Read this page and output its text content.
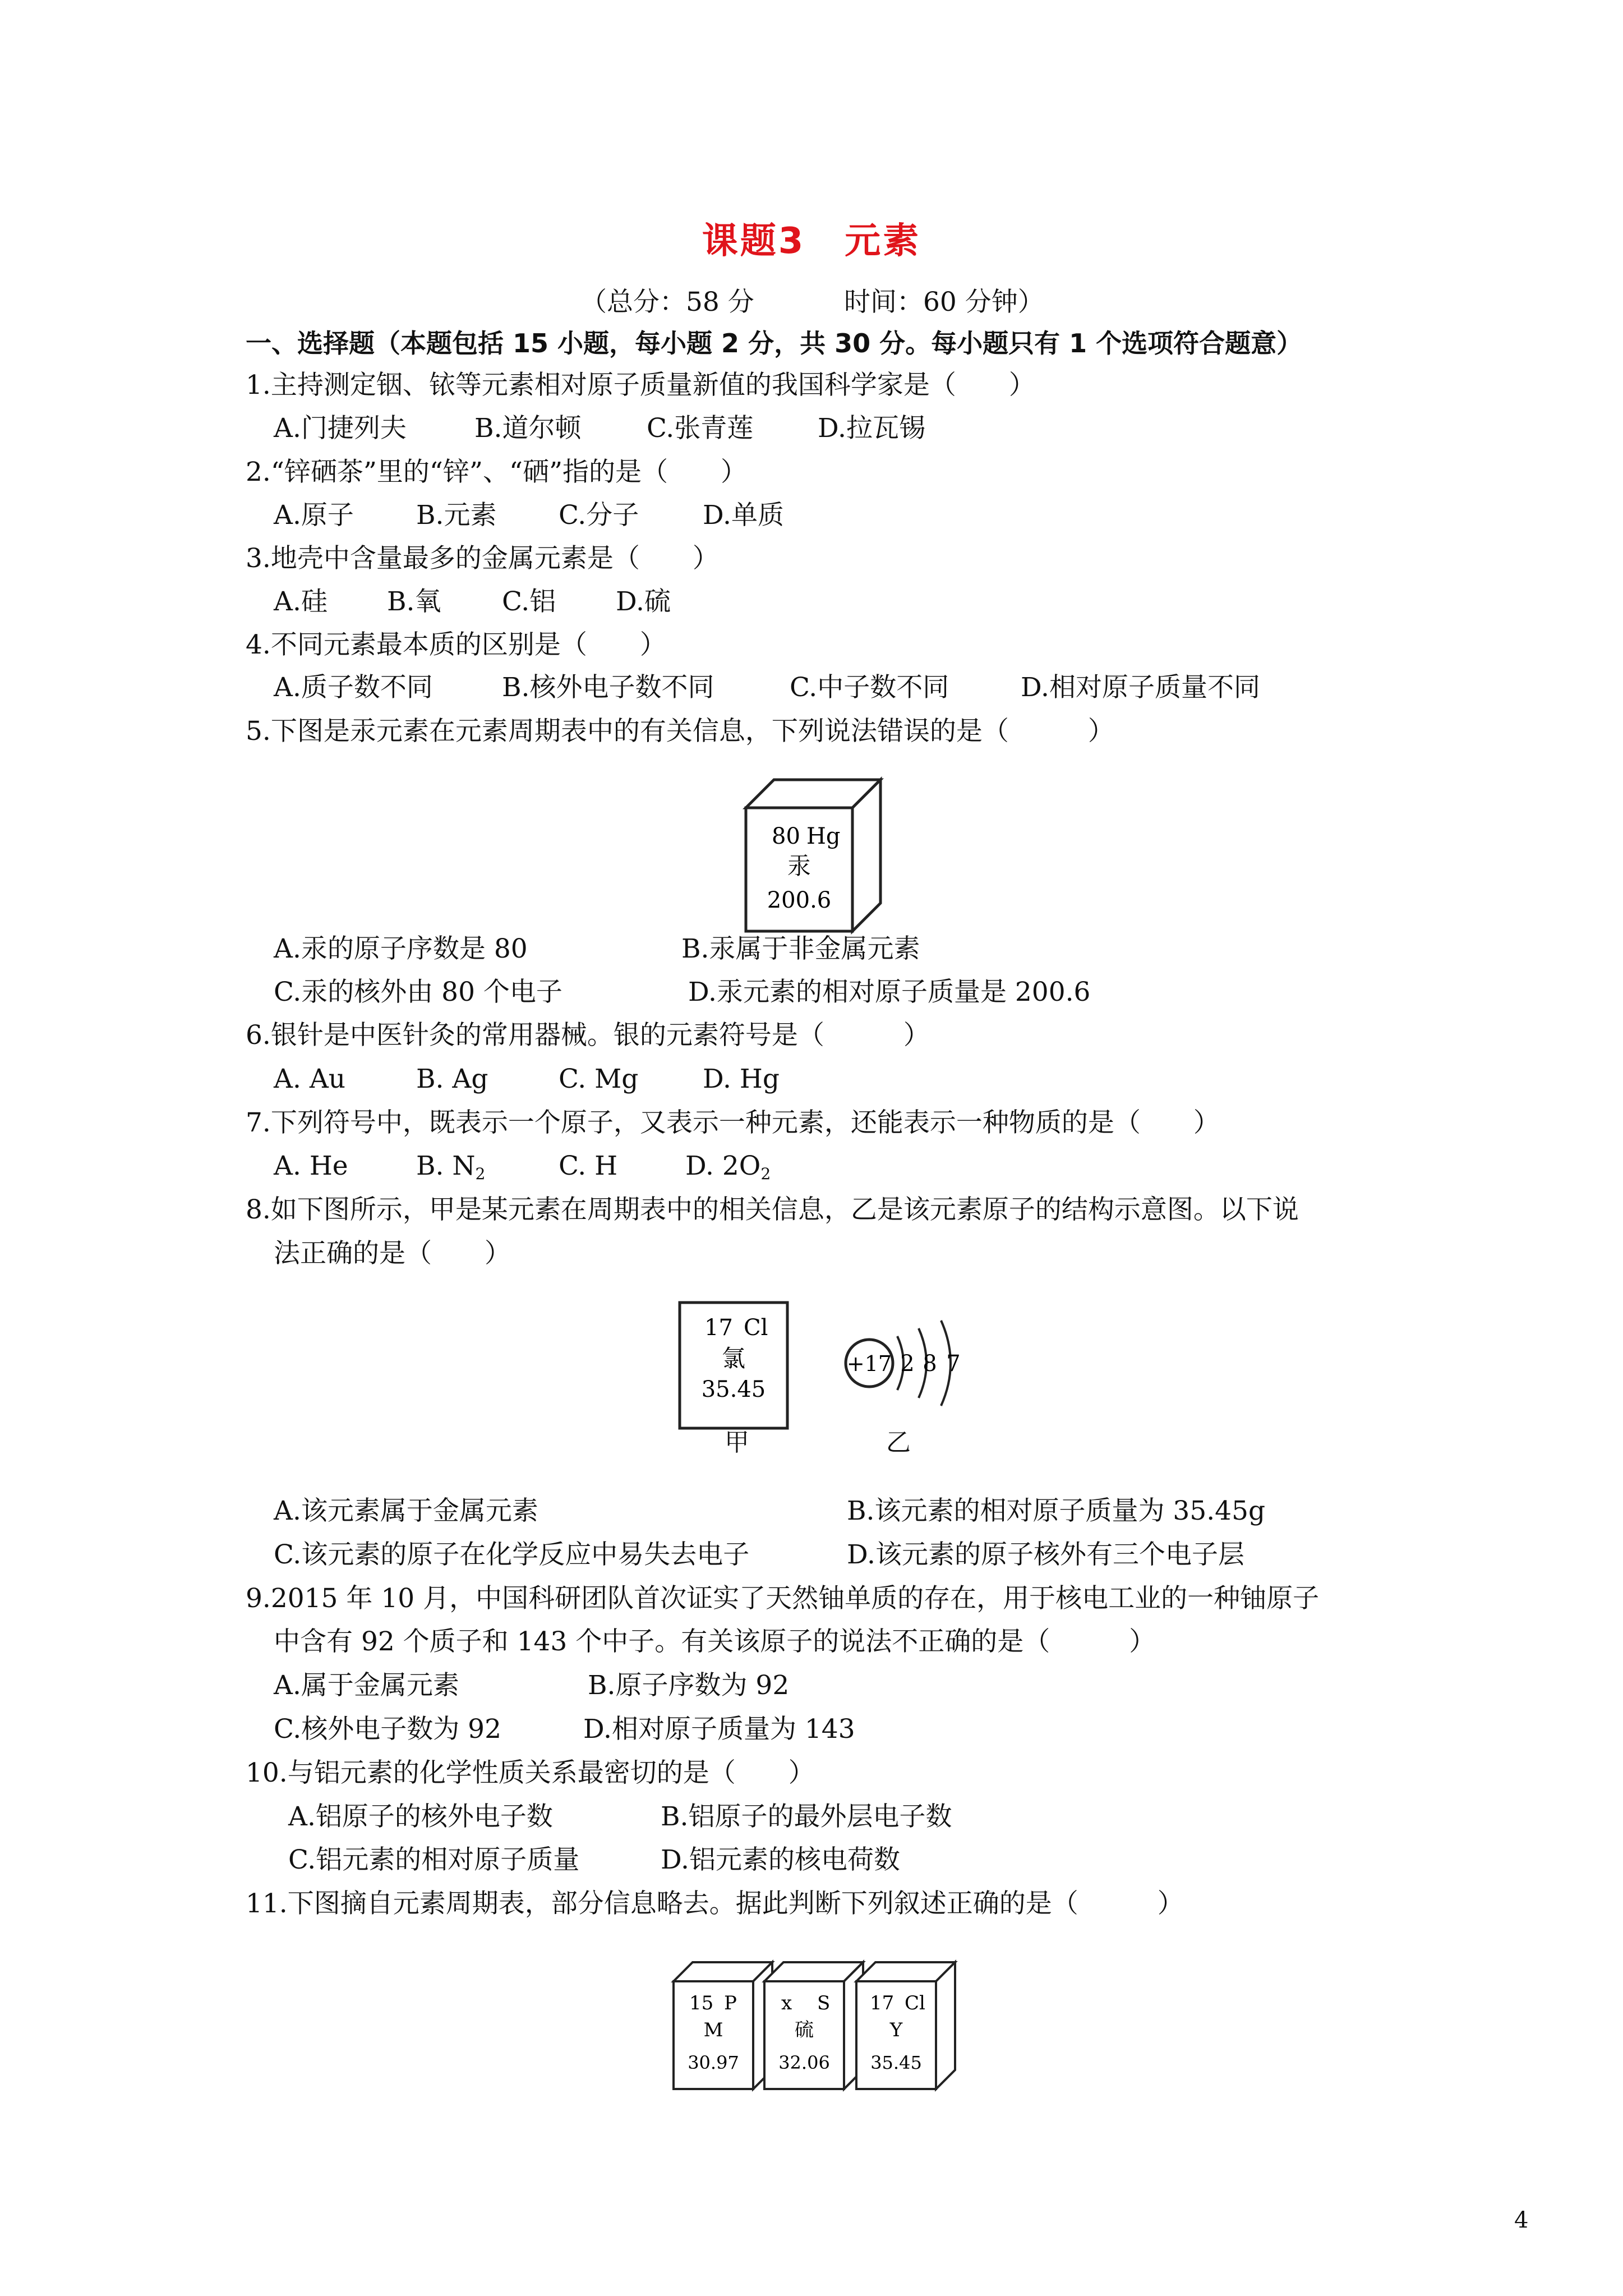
课题3 元素
（总分：58 分	时间：60 分钟）
一、选择题（本题包括 15 小题，每小题 2 分，共 30 分。每小题只有 1 个选项符合题意）
1.主持测定铟、铱等元素相对原子质量新值的我国科学家是（　　）
A.门捷列夫	B.道尔顿 C.张青莲 D.拉瓦锡
2.“锌硒茶”里的“锌”、“硒”指的是（　　）
A.原子 B.元素 C.分子 D.单质
3.地壳中含量最多的金属元素是（　　）
A.硅 B.氧 C.铝 D.硫
4.不同元素最本质的区别是（　　）
A.质子数不同	B.核外电子数不同	C.中子数不同	D.相对原子质量不同
5.下图是汞元素在元素周期表中的有关信息，下列说法错误的是（　　　）
80 Hg
汞
200.6
A.汞的原子序数是 80	B.汞属于非金属元素
C.汞的核外由 80 个电子	D.汞元素的相对原子质量是 200.6
6.银针是中医针灸的常用器械。银的元素符号是（　　　）
A. Au	B. Ag	C. Mg D. Hg
7.下列符号中，既表示一个原子，又表示一种元素，还能表示一种物质的是（　　）
A. He	B. $N_2$	C. H	D. $2O_2$
8.如下图所示，甲是某元素在周期表中的相关信息，乙是该元素原子的结构示意图。以下说
法正确的是（　　）
17 Cl
氯
35.45
+17 2 8 7
甲	乙
A.该元素属于金属元素	B.该元素的相对原子质量为 35.45g
C.该元素的原子在化学反应中易失去电子	D.该元素的原子核外有三个电子层
9.2015 年 10 月，中国科研团队首次证实了天然铀单质的存在，用于核电工业的一种铀原子
中含有 92 个质子和 143 个中子。有关该原子的说法不正确的是（　　　）
A.属于金属元素	B.原子序数为 92
C.核外电子数为 92	D.相对原子质量为 143
10.与铝元素的化学性质关系最密切的是（　　）
A.铝原子的核外电子数	B.铝原子的最外层电子数
C.铝元素的相对原子质量	D.铝元素的核电荷数
11.下图摘自元素周期表，部分信息略去。据此判断下列叙述正确的是（　　　）
15 P
M
30.97
x S
硫
32.06
17 Cl
Y
35.45
4
